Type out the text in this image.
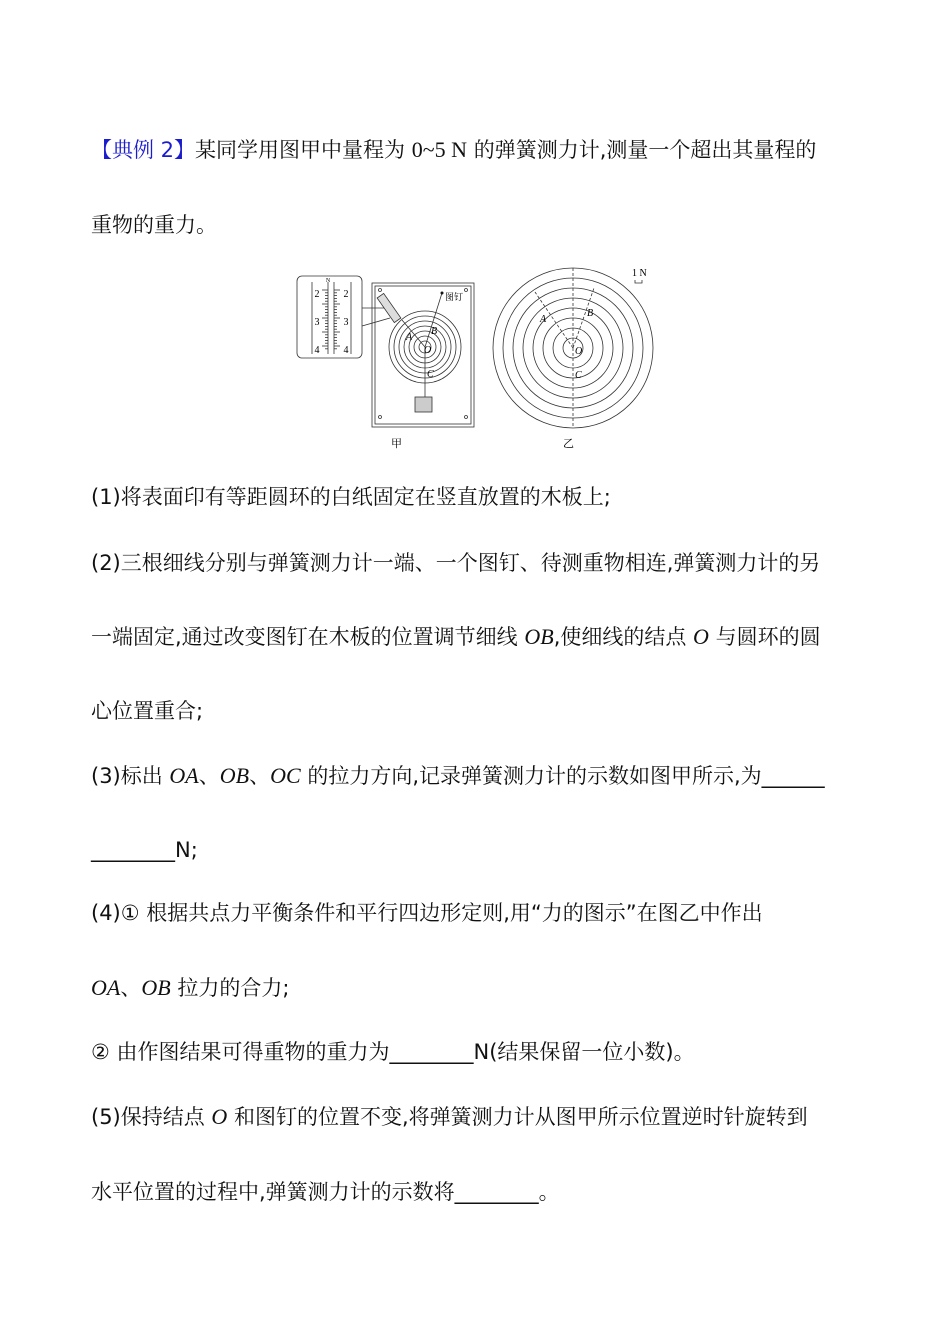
【典例 2】某同学用图甲中量程为 0~5 N 的弹簧测力计,测量一个超出其量程的
重物的重力。
(1)将表面印有等距圆环的白纸固定在竖直放置的木板上;
(2)三根细线分别与弹簧测力计一端、一个图钉、待测重物相连,弹簧测力计的另
一端固定,通过改变图钉在木板的位置调节细线 OB,使细线的结点 O 与圆环的圆
心位置重合;
(3)标出 OA、OB、OC 的拉力方向,记录弹簧测力计的示数如图甲所示,为______
________N;
(4)① 根据共点力平衡条件和平行四边形定则,用“力的图示”在图乙中作出
OA、OB 拉力的合力;
② 由作图结果可得重物的重力为________N(结果保留一位小数)。
(5)保持结点 O 和图钉的位置不变,将弹簧测力计从图甲所示位置逆时针旋转到
水平位置的过程中,弹簧测力计的示数将________。
N
2 2
3 3
4 4
图钉
A
B
O
C
甲
A
B
O
C
1 N
乙
